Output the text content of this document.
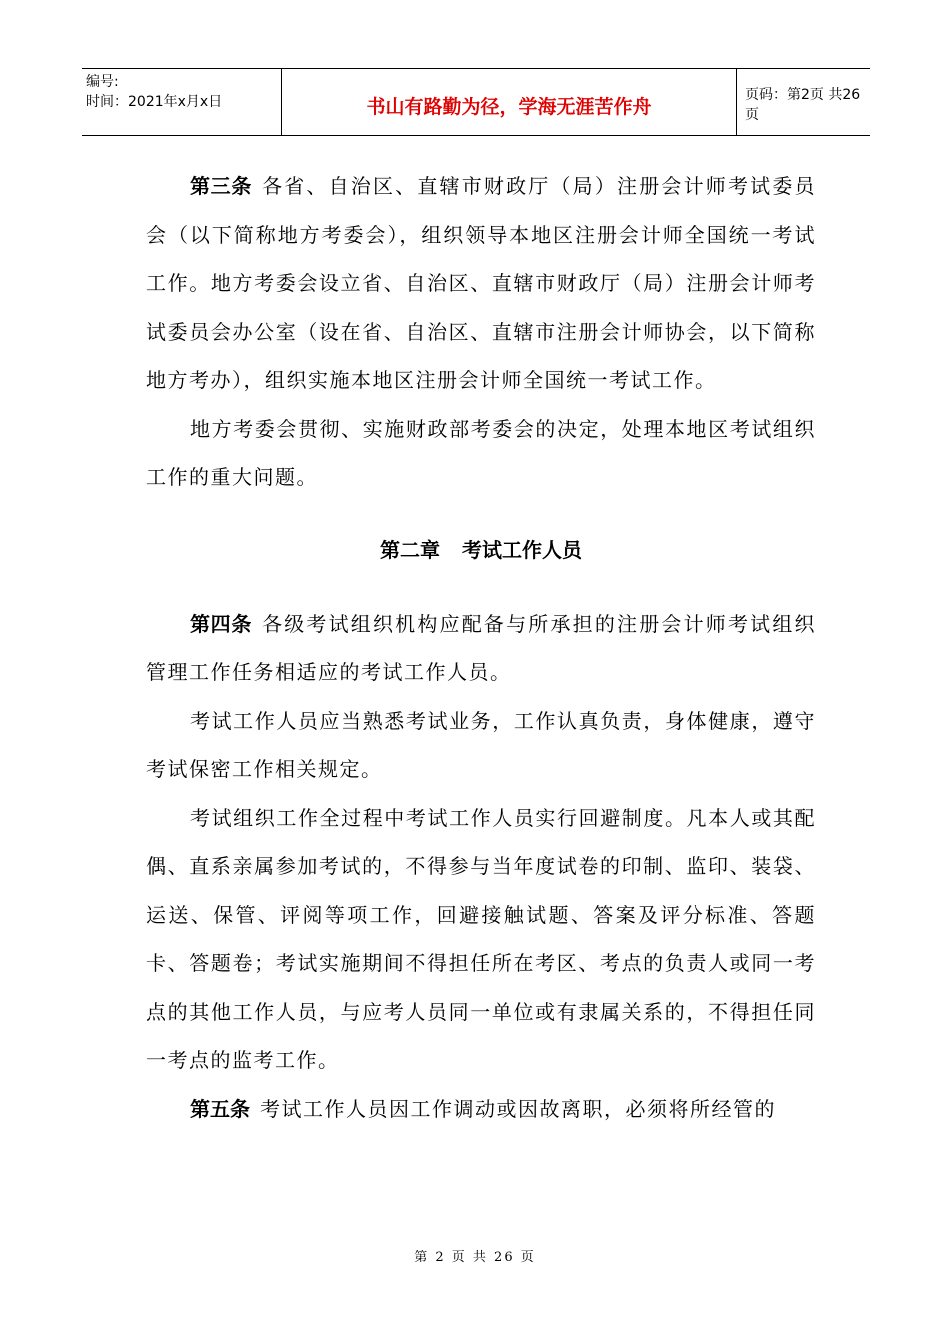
编号:
时间：2021年x月x日	书山有路勤为径，学海无涯苦作舟
页码：第2页 共26页

第三条 各省、自治区、直辖市财政厅（局）注册会计师考试委员会（以下简称地方考委会），组织领导本地区注册会计师全国统一考试工作。地方考委会设立省、自治区、直辖市财政厅（局）注册会计师考试委员会办公室（设在省、自治区、直辖市注册会计师协会，以下简称地方考办），组织实施本地区注册会计师全国统一考试工作。

地方考委会贯彻、实施财政部考委会的决定，处理本地区考试组织工作的重大问题。

第二章 考试工作人员

第四条 各级考试组织机构应配备与所承担的注册会计师考试组织管理工作任务相适应的考试工作人员。

考试工作人员应当熟悉考试业务，工作认真负责，身体健康，遵守考试保密工作相关规定。

考试组织工作全过程中考试工作人员实行回避制度。凡本人或其配偶、直系亲属参加考试的，不得参与当年度试卷的印制、监印、装袋、运送、保管、评阅等项工作，回避接触试题、答案及评分标准、答题卡、答题卷；考试实施期间不得担任所在考区、考点的负责人或同一考点的其他工作人员，与应考人员同一单位或有隶属关系的，不得担任同一考点的监考工作。

第五条 考试工作人员因工作调动或因故离职，必须将所经管的

第 2 页 共 26 页
